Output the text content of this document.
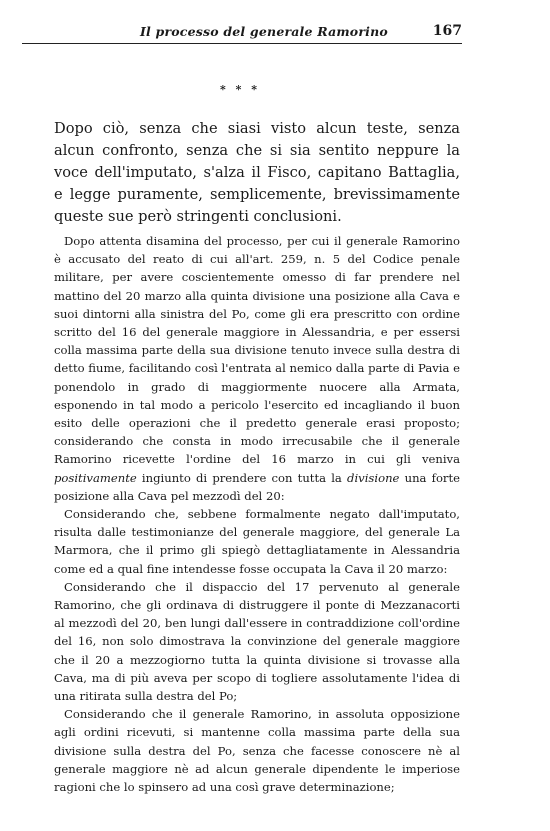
Il processo del generale Ramorino	167
* * *

Dopo ciò, senza che siasi visto alcun teste, senza alcun confronto, senza che si sia sentito neppure la voce dell'imputato, s'alza il Fisco, capitano Battaglia, e legge puramente, semplicemente, brevissimamente queste sue però stringenti conclusioni.

Dopo attenta disamina del processo, per cui il generale Ramorino è accusato del reato di cui all'art. 259, n. 5 del Codice penale militare, per avere coscientemente omesso di far prendere nel mattino del 20 marzo alla quinta divisione una posizione alla Cava e suoi dintorni alla sinistra del Po, come gli era prescritto con ordine scritto del 16 del generale maggiore in Alessandria, e per essersi colla massima parte della sua divisione tenuto invece sulla destra di detto fiume, facilitando così l'entrata al nemico dalla parte di Pavia e ponendolo in grado di maggiormente nuocere alla Armata, esponendo in tal modo a pericolo l'esercito ed incagliando il buon esito delle operazioni che il predetto generale erasi proposto; considerando che consta in modo irrecusabile che il generale Ramorino ricevette l'ordine del 16 marzo in cui gli veniva positivamente ingiunto di prendere con tutta la divisione una forte posizione alla Cava pel mezzodì del 20:

Considerando che, sebbene formalmente negato dall'imputato, risulta dalle testimonianze del generale maggiore, del generale La Marmora, che il primo gli spiegò dettagliatamente in Alessandria come ed a qual fine intendesse fosse occupata la Cava il 20 marzo:

Considerando che il dispaccio del 17 pervenuto al generale Ramorino, che gli ordinava di distruggere il ponte di Mezzanacorti al mezzodì del 20, ben lungi dall'essere in contraddizione coll'ordine del 16, non solo dimostrava la convinzione del generale maggiore che il 20 a mezzogiorno tutta la quinta divisione si trovasse alla Cava, ma di più aveva per scopo di togliere assolutamente l'idea di una ritirata sulla destra del Po;

Considerando che il generale Ramorino, in assoluta opposizione agli ordini ricevuti, si mantenne colla massima parte della sua divisione sulla destra del Po, senza che facesse conoscere nè al generale maggiore nè ad alcun generale dipendente le imperiose ragioni che lo spinsero ad una così grave determinazione;
